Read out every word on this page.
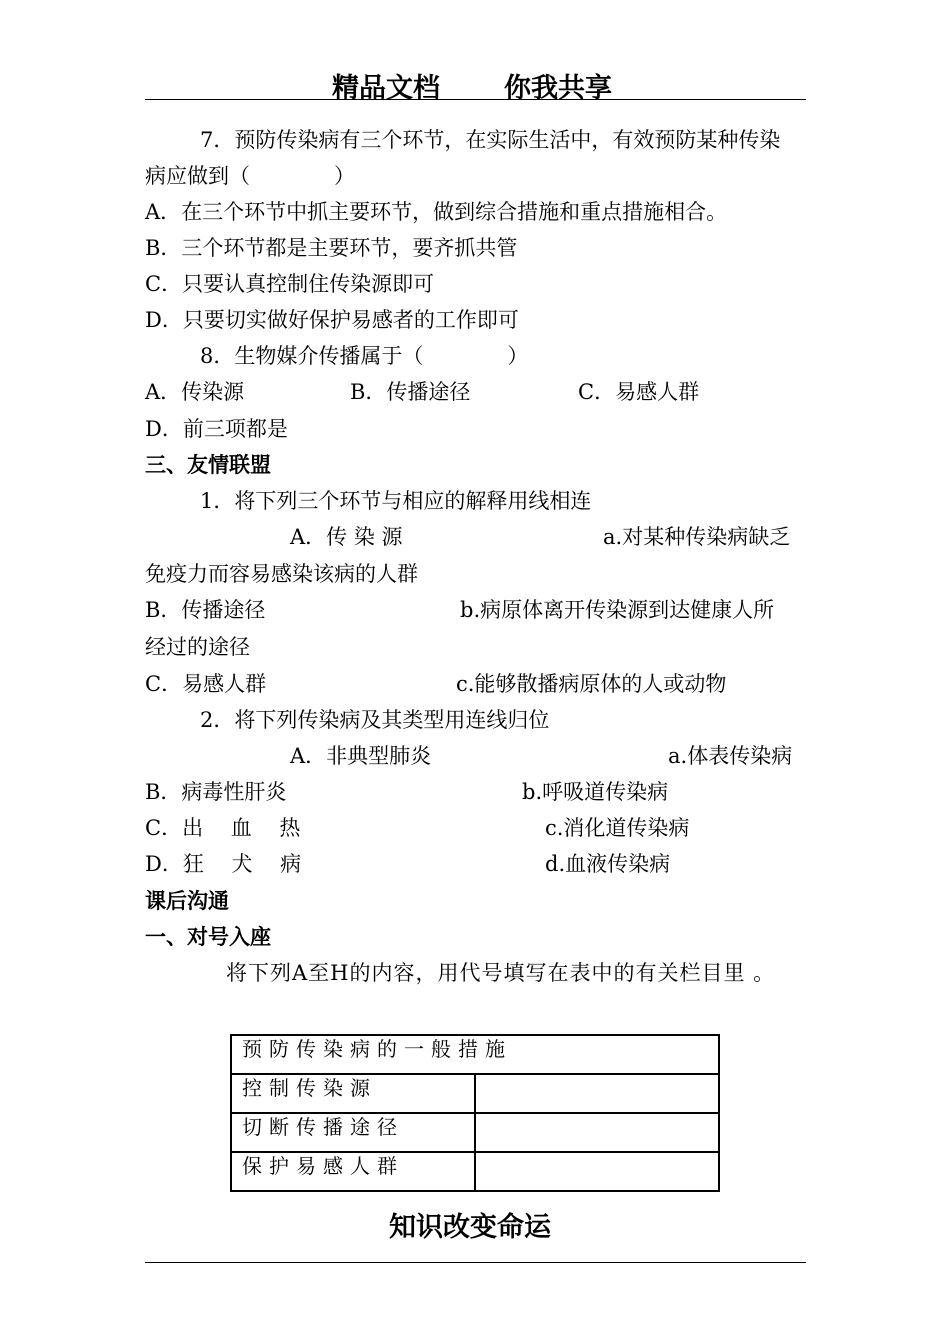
精品文档 你我共享
7．预防传染病有三个环节，在实际生活中，有效预防某种传染
病应做到（　　　　）
A．在三个环节中抓主要环节，做到综合措施和重点措施相合。
B．三个环节都是主要环节，要齐抓共管
C．只要认真控制住传染源即可
D．只要切实做好保护易感者的工作即可
8．生物媒介传播属于（　　　　）
A．传染源	B．传播途径	C．易感人群
D．前三项都是
三、友情联盟
1．将下列三个环节与相应的解释用线相连
A．传 染 源	a.对某种传染病缺乏
免疫力而容易感染该病的人群
B．传播途径	b.病原体离开传染源到达健康人所
经过的途径
C．易感人群	c.能够散播病原体的人或动物
2．将下列传染病及其类型用连线归位
A．非典型肺炎	a.体表传染病
B．病毒性肝炎	b.呼吸道传染病
C．出　 血　 热	c.消化道传染病
D．狂　 犬　 病	d.血液传染病
课后沟通
一、对号入座
将下列A至H的内容，用代号填写在表中的有关栏目里 。
预防传染病的一般措施	
控制传染源	
切断传播途径	
保护易感人群	
知识改变命运
